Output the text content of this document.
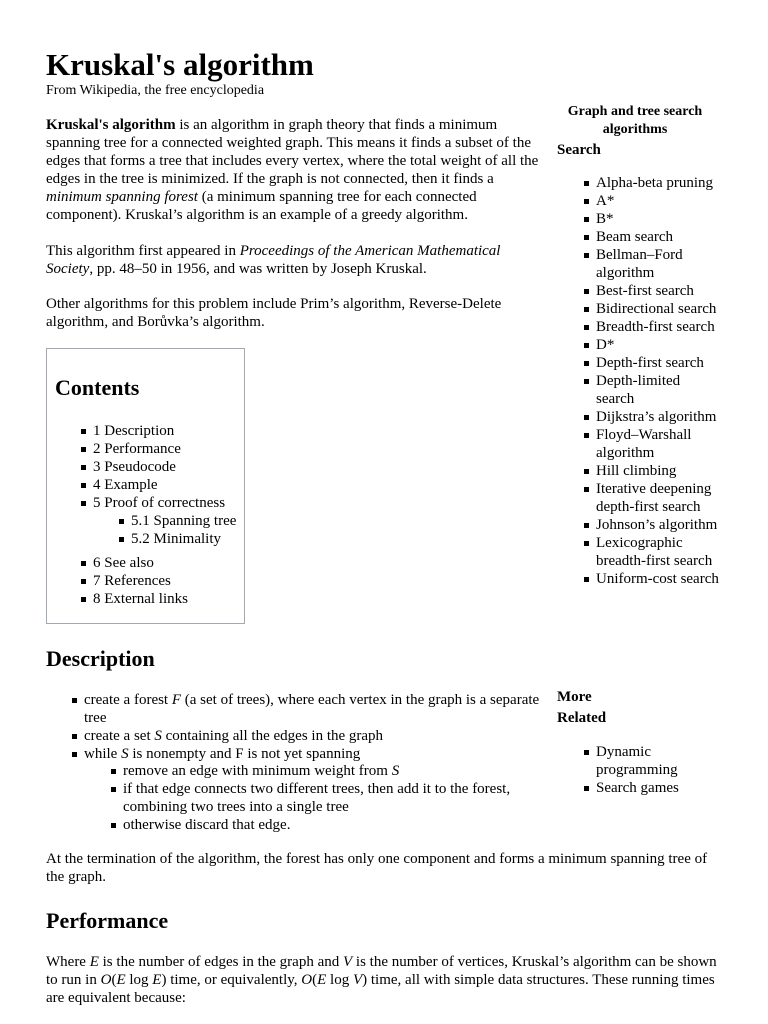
Kruskal's algorithm
From Wikipedia, the free encyclopedia
Kruskal's algorithm is an algorithm in graph theory that finds a minimum spanning tree for a connected weighted graph. This means it finds a subset of the edges that forms a tree that includes every vertex, where the total weight of all the edges in the tree is minimized. If the graph is not connected, then it finds a minimum spanning forest (a minimum spanning tree for each connected component). Kruskal’s algorithm is an example of a greedy algorithm.
This algorithm first appeared in Proceedings of the American Mathematical Society, pp. 48–50 in 1956, and was written by Joseph Kruskal.
Other algorithms for this problem include Prim’s algorithm, Reverse-Delete algorithm, and Borůvka’s algorithm.
Contents
1 Description
2 Performance
3 Pseudocode
4 Example
5 Proof of correctness
5.1 Spanning tree
5.2 Minimality
6 See also
7 References
8 External links
Description
create a forest F (a set of trees), where each vertex in the graph is a separate tree
create a set S containing all the edges in the graph
while S is nonempty and F is not yet spanning
remove an edge with minimum weight from S
if that edge connects two different trees, then add it to the forest, combining two trees into a single tree
otherwise discard that edge.
At the termination of the algorithm, the forest has only one component and forms a minimum spanning tree of the graph.
Performance
Where E is the number of edges in the graph and V is the number of vertices, Kruskal’s algorithm can be shown to run in O(E log E) time, or equivalently, O(E log V) time, all with simple data structures. These running times are equivalent because:
Graph and tree search algorithms
Search
Alpha-beta pruning
A*
B*
Beam search
Bellman–Ford algorithm
Best-first search
Bidirectional search
Breadth-first search
D*
Depth-first search
Depth-limited search
Dijkstra’s algorithm
Floyd–Warshall algorithm
Hill climbing
Iterative deepening depth-first search
Johnson’s algorithm
Lexicographic breadth-first search
Uniform-cost search
More
Related
Dynamic programming
Search games
